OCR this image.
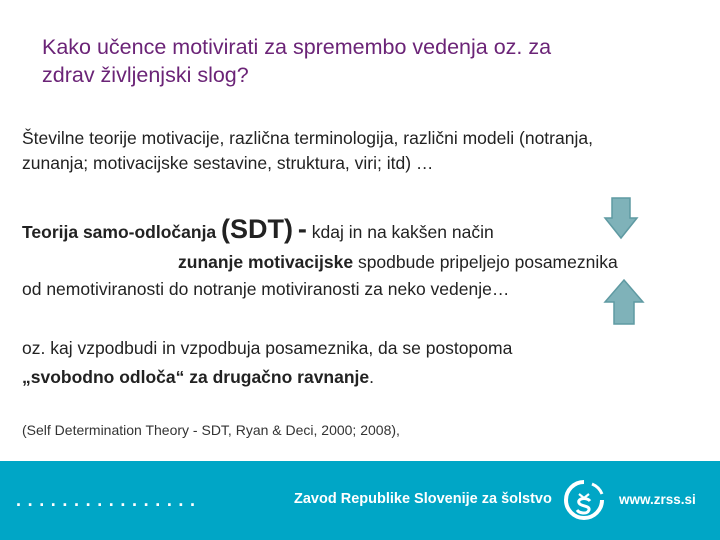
Kako učence motivirati za spremembo vedenja oz. za
zdrav življenjski slog?
Številne teorije motivacije, različna terminologija, različni modeli (notranja,
zunanja; motivacijske sestavine, struktura, viri; itd) …
Teorija samo-odločanja (SDT) - kdaj in na kakšen način
zunanje motivacijske spodbude pripeljejo posameznika
od nemotiviranosti do notranje motiviranosti za neko vedenje…
oz. kaj vzpodbudi in vzpodbuja posameznika, da se postopoma
„svobodno odloča“ za drugačno ravnanje.
(Self Determination Theory - SDT, Ryan & Deci, 2000; 2008),
................	Zavod Republike Slovenije za šolstvo	www.zrss.si
